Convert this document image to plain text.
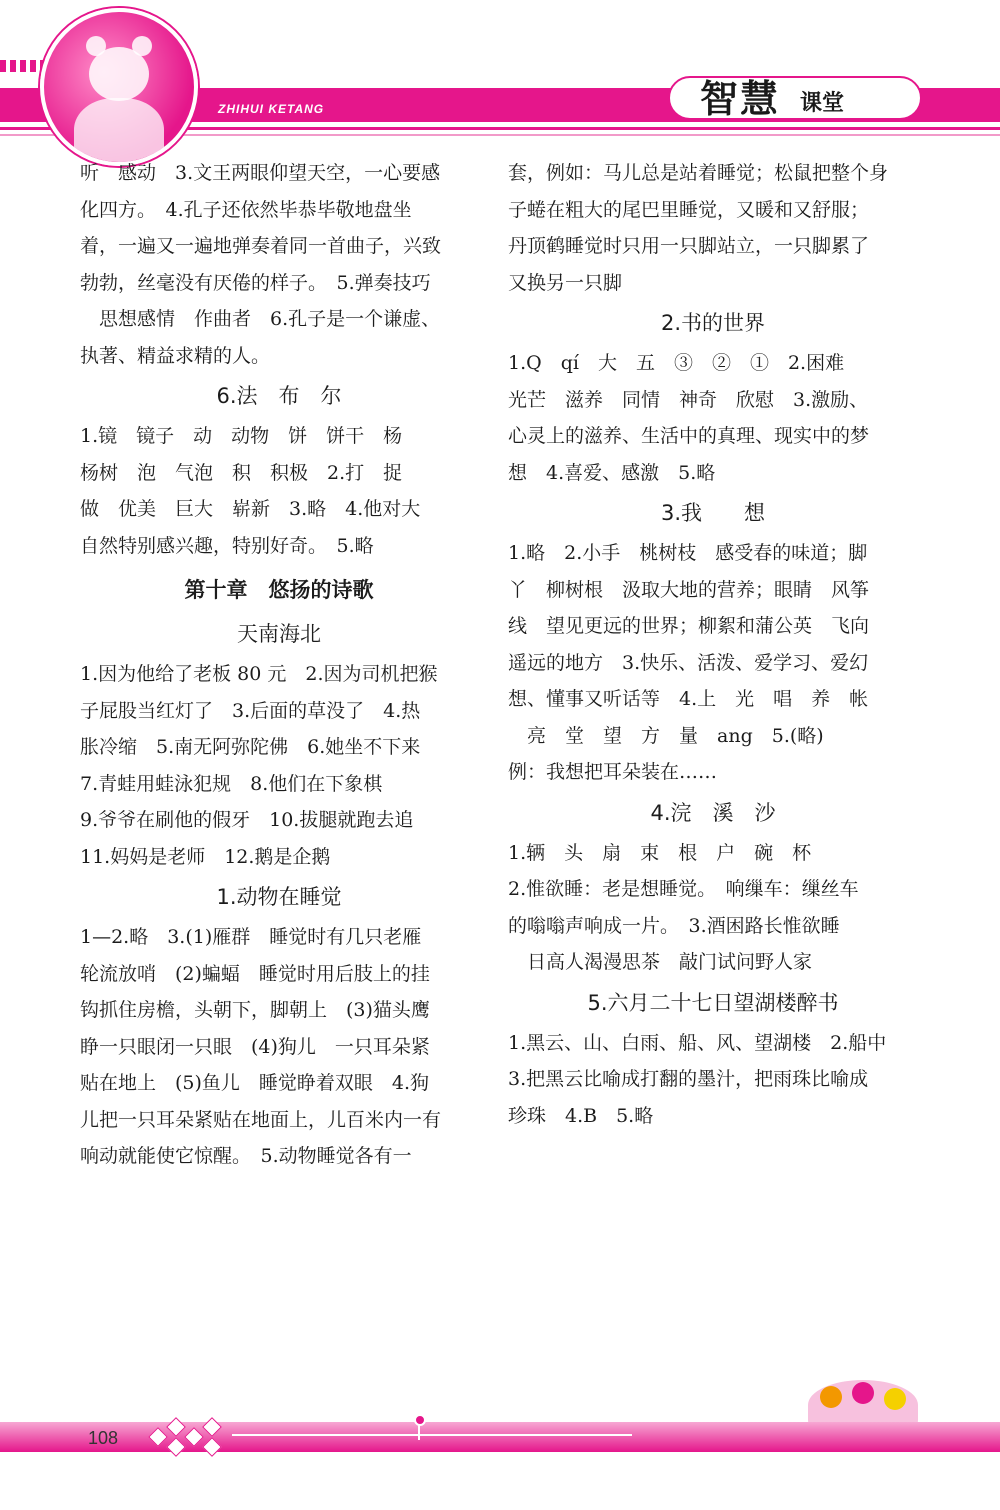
ZHIHUI KETANG	智慧 课堂

听　感动　3.文王两眼仰望天空，一心要感

化四方。　4.孔子还依然毕恭毕敬地盘坐

着，一遍又一遍地弹奏着同一首曲子，兴致

勃勃，丝毫没有厌倦的样子。　5.弹奏技巧

　思想感情　作曲者　6.孔子是一个谦虚、

执著、精益求精的人。

6.法　布　尔

1.镜　镜子　动　动物　饼　饼干　杨

杨树　泡　气泡　积　积极　2.打　捉

做　优美　巨大　崭新　3.略　4.他对大

自然特别感兴趣，特别好奇。　5.略

第十章　悠扬的诗歌
天南海北

1.因为他给了老板 80 元　2.因为司机把猴

子屁股当红灯了　3.后面的草没了　4.热

胀冷缩　5.南无阿弥陀佛　6.她坐不下来

7.青蛙用蛙泳犯规　8.他们在下象棋

9.爷爷在刷他的假牙　10.拔腿就跑去追

11.妈妈是老师　12.鹅是企鹅

1.动物在睡觉

1—2.略　3.(1)雁群　睡觉时有几只老雁

轮流放哨　(2)蝙蝠　睡觉时用后肢上的挂

钩抓住房檐，头朝下，脚朝上　(3)猫头鹰

睁一只眼闭一只眼　(4)狗儿　一只耳朵紧

贴在地上　(5)鱼儿　睡觉睁着双眼　4.狗

儿把一只耳朵紧贴在地面上，儿百米内一有

响动就能使它惊醒。　5.动物睡觉各有一

套，例如：马儿总是站着睡觉；松鼠把整个身

子蜷在粗大的尾巴里睡觉，又暖和又舒服；

丹顶鹤睡觉时只用一只脚站立，一只脚累了

又换另一只脚

2.书的世界

1.Q　qí　大　五　③　②　①　2.困难

光芒　滋养　同情　神奇　欣慰　3.激励、

心灵上的滋养、生活中的真理、现实中的梦

想　4.喜爱、感激　5.略

3.我　　想

1.略　2.小手　桃树枝　感受春的味道；脚

丫　柳树根　汲取大地的营养；眼睛　风筝

线　望见更远的世界；柳絮和蒲公英　飞向

遥远的地方　3.快乐、活泼、爱学习、爱幻

想、懂事又听话等　4.上　光　唱　养　帐

　亮　堂　望　方　量　ang　5.(略)

例：我想把耳朵装在……

4.浣　溪　沙

1.辆　头　扇　束　根　户　碗　杯

2.惟欲睡：老是想睡觉。　响缫车：缫丝车

的嗡嗡声响成一片。　3.酒困路长惟欲睡

　日高人渴漫思茶　敲门试问野人家

5.六月二十七日望湖楼醉书

1.黑云、山、白雨、船、风、望湖楼　2.船中

3.把黑云比喻成打翻的墨汁，把雨珠比喻成

珍珠　4.B　5.略

108
